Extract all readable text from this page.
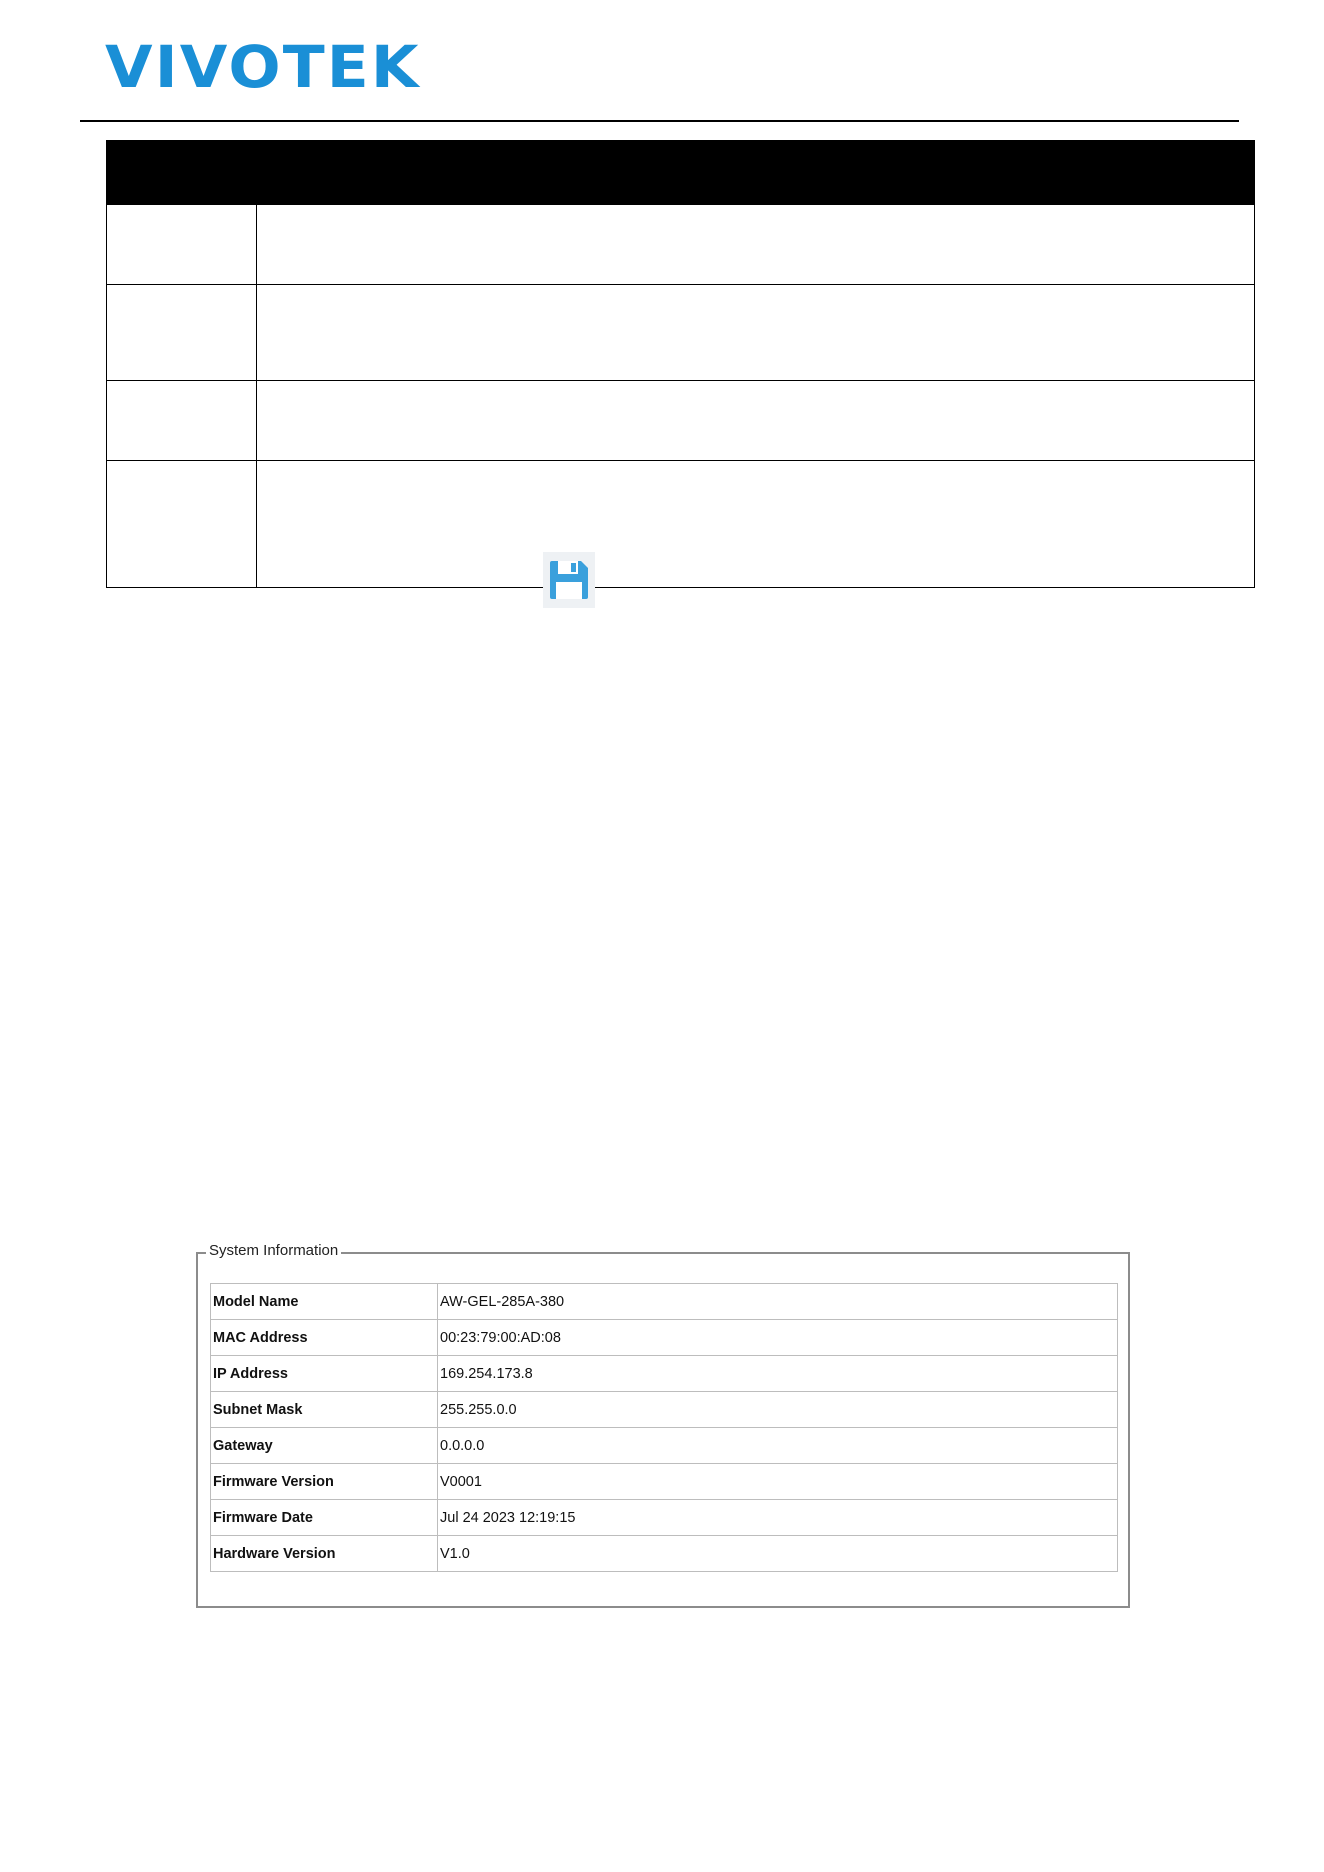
VIVOTEK

System Information
Model Name	AW-GEL-285A-380
MAC Address	00:23:79:00:AD:08
IP Address	169.254.173.8
Subnet Mask	255.255.0.0
Gateway	0.0.0.0
Firmware Version	V0001
Firmware Date	Jul 24 2023 12:19:15
Hardware Version	V1.0
